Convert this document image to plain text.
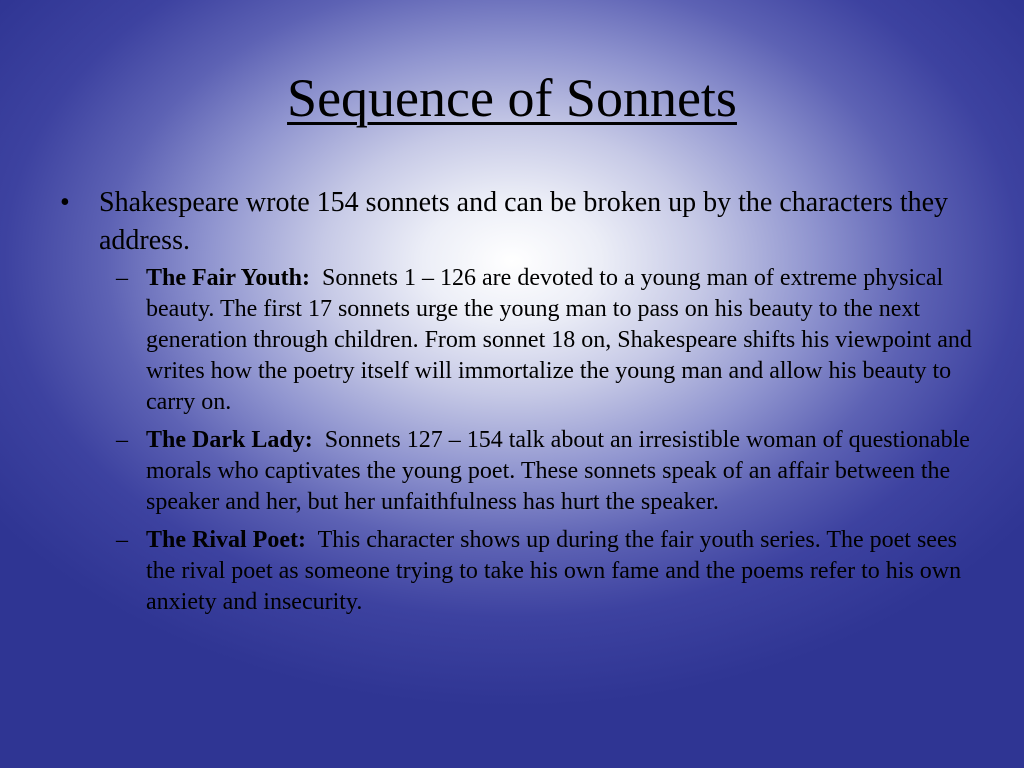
Sequence of Sonnets
• Shakespeare wrote 154 sonnets and can be broken up by the characters they address.
– The Fair Youth: Sonnets 1 – 126 are devoted to a young man of extreme physical beauty. The first 17 sonnets urge the young man to pass on his beauty to the next generation through children. From sonnet 18 on, Shakespeare shifts his viewpoint and writes how the poetry itself will immortalize the young man and allow his beauty to carry on.
– The Dark Lady: Sonnets 127 – 154 talk about an irresistible woman of questionable morals who captivates the young poet. These sonnets speak of an affair between the speaker and her, but her unfaithfulness has hurt the speaker.
– The Rival Poet: This character shows up during the fair youth series. The poet sees the rival poet as someone trying to take his own fame and the poems refer to his own anxiety and insecurity.
